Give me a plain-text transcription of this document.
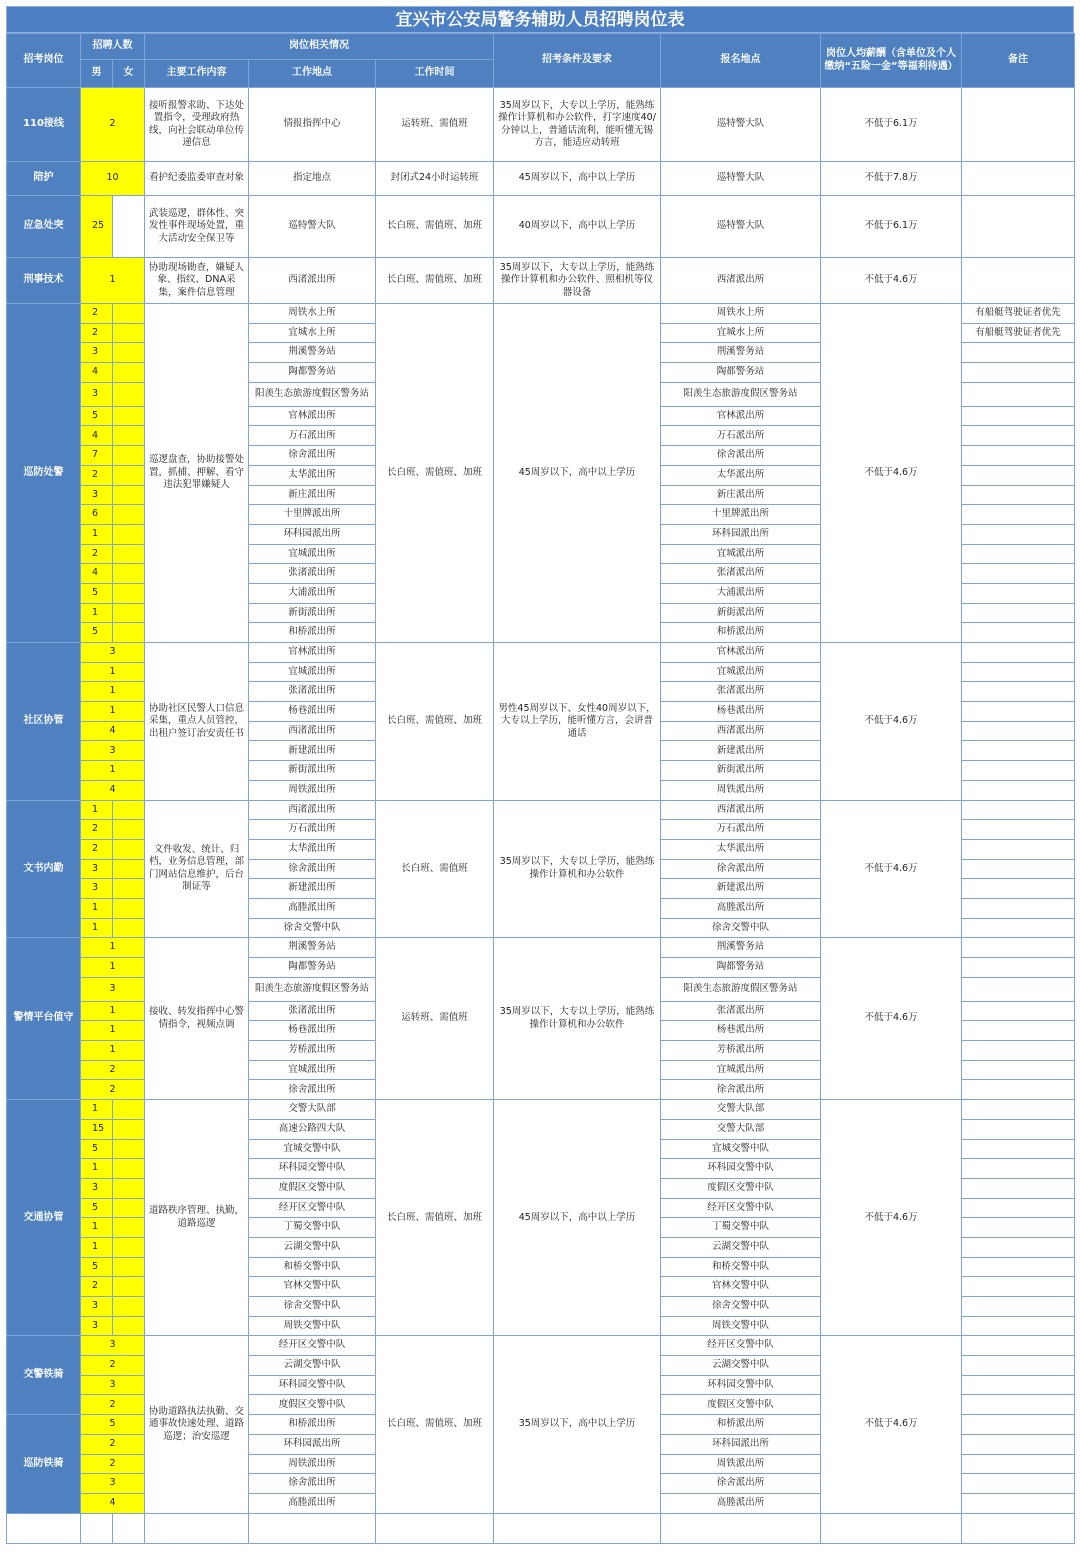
宜兴市公安局警务辅助人员招聘岗位表
招考岗位	招聘人数		岗位相关情况			招考条件及要求	报名地点	岗位人均薪酬（含单位及个人缴纳“五险一金”等福利待遇）	备注
	男	女	主要工作内容	工作地点	工作时间				
110接线	2		接听报警求助、下达处置指令，受理政府热线，向社会联动单位传递信息	情报指挥中心	运转班、需值班	35周岁以下，大专以上学历，能熟练操作计算机和办公软件，打字速度40/分钟以上，普通话流利，能听懂无锡方言，能适应动转班	巡特警大队	不低于6.1万	
陪护	10		看护纪委监委审查对象	指定地点	封闭式24小时运转班	45周岁以下，高中以上学历	巡特警大队	不低于7.8万	
应急处突	25		武装巡逻，群体性、突发性事件现场处置，重大活动安全保卫等	巡特警大队	长白班、需值班、加班	40周岁以下，高中以上学历	巡特警大队	不低于6.1万	
刑事技术	1		协助现场勘查，嫌疑人象、指纹、DNA采集，案件信息管理	西渚派出所	长白班、需值班、加班	35周岁以下，大专以上学历，能熟练操作计算机和办公软件、照相机等仪器设备	西渚派出所	不低于4.6万	
巡防处警	2		巡逻盘查，协助接警处置，抓捕、押解、看守违法犯罪嫌疑人	周铁水上所	长白班、需值班、加班	45周岁以下，高中以上学历	周铁水上所	不低于4.6万	有船艇驾驶证者优先
	2			宜城水上所			宜城水上所		有船艇驾驶证者优先
	3			荆溪警务站			荆溪警务站		
	4			陶都警务站			陶都警务站		
	3			阳羡生态旅游度假区警务站			阳羡生态旅游度假区警务站		
	5			官林派出所			官林派出所		
	4			万石派出所			万石派出所		
	7			徐舍派出所			徐舍派出所		
	2			太华派出所			太华派出所		
	3			新庄派出所			新庄派出所		
	6			十里牌派出所			十里牌派出所		
	1			环科园派出所			环科园派出所		
	2			宜城派出所			宜城派出所		
	4			张渚派出所			张渚派出所		
	5			大浦派出所			大浦派出所		
	1			新街派出所			新街派出所		
	5			和桥派出所			和桥派出所		
社区协管	3		协助社区民警人口信息采集，重点人员管控，出租户签订治安责任书	官林派出所	长白班、需值班、加班	男性45周岁以下、女性40周岁以下，大专以上学历，能听懂方言，会讲普通话	官林派出所	不低于4.6万	
	1			宜城派出所			宜城派出所		
	1			张渚派出所			张渚派出所		
	1			杨巷派出所			杨巷派出所		
	4			西渚派出所			西渚派出所		
	3			新建派出所			新建派出所		
	1			新街派出所			新街派出所		
	4			周铁派出所			周铁派出所		
文书内勤	1		文件收发、统计、归档，业务信息管理，部门网站信息维护，后台制证等	西渚派出所	长白班、需值班	35周岁以下，大专以上学历，能熟练操作计算机和办公软件	西渚派出所	不低于4.6万	
	2			万石派出所			万石派出所		
	2			太华派出所			太华派出所		
	3			徐舍派出所			徐舍派出所		
	3			新建派出所			新建派出所		
	1			高塍派出所			高塍派出所		
	1			徐舍交警中队			徐舍交警中队		
警情平台值守	1		接收、转发指挥中心警情指令，视频点调	荆溪警务站	运转班、需值班	35周岁以下，大专以上学历，能熟练操作计算机和办公软件	荆溪警务站	不低于4.6万	
	1			陶都警务站			陶都警务站		
	3			阳羡生态旅游度假区警务站			阳羡生态旅游度假区警务站		
	1			张渚派出所			张渚派出所		
	1			杨巷派出所			杨巷派出所		
	1			芳桥派出所			芳桥派出所		
	2			宜城派出所			宜城派出所		
	2			徐舍派出所			徐舍派出所		
交通协管	1		道路秩序管理、执勤，道路巡逻	交警大队部	长白班、需值班、加班	45周岁以下，高中以上学历	交警大队部	不低于4.6万	
	15			高速公路四大队			交警大队部		
	5			宜城交警中队			宜城交警中队		
	1			环科园交警中队			环科园交警中队		
	3			度假区交警中队			度假区交警中队		
	5			经开区交警中队			经开区交警中队		
	1			丁蜀交警中队			丁蜀交警中队		
	1			云湖交警中队			云湖交警中队		
	5			和桥交警中队			和桥交警中队		
	2			官林交警中队			官林交警中队		
	3			徐舍交警中队			徐舍交警中队		
	3			周铁交警中队			周铁交警中队		
交警铁骑	3		协助道路执法执勤、交通事故快速处理、道路巡逻；治安巡逻	经开区交警中队	长白班、需值班、加班	35周岁以下，高中以上学历	经开区交警中队	不低于4.6万	
	2			云湖交警中队			云湖交警中队		
	3			环科园交警中队			环科园交警中队		
	2			度假区交警中队			度假区交警中队		
巡防铁骑	5			和桥派出所			和桥派出所		
	2			环科园派出所			环科园派出所		
	2			周铁派出所			周铁派出所		
	3			徐舍派出所			徐舍派出所		
	4			高塍派出所			高塍派出所		
